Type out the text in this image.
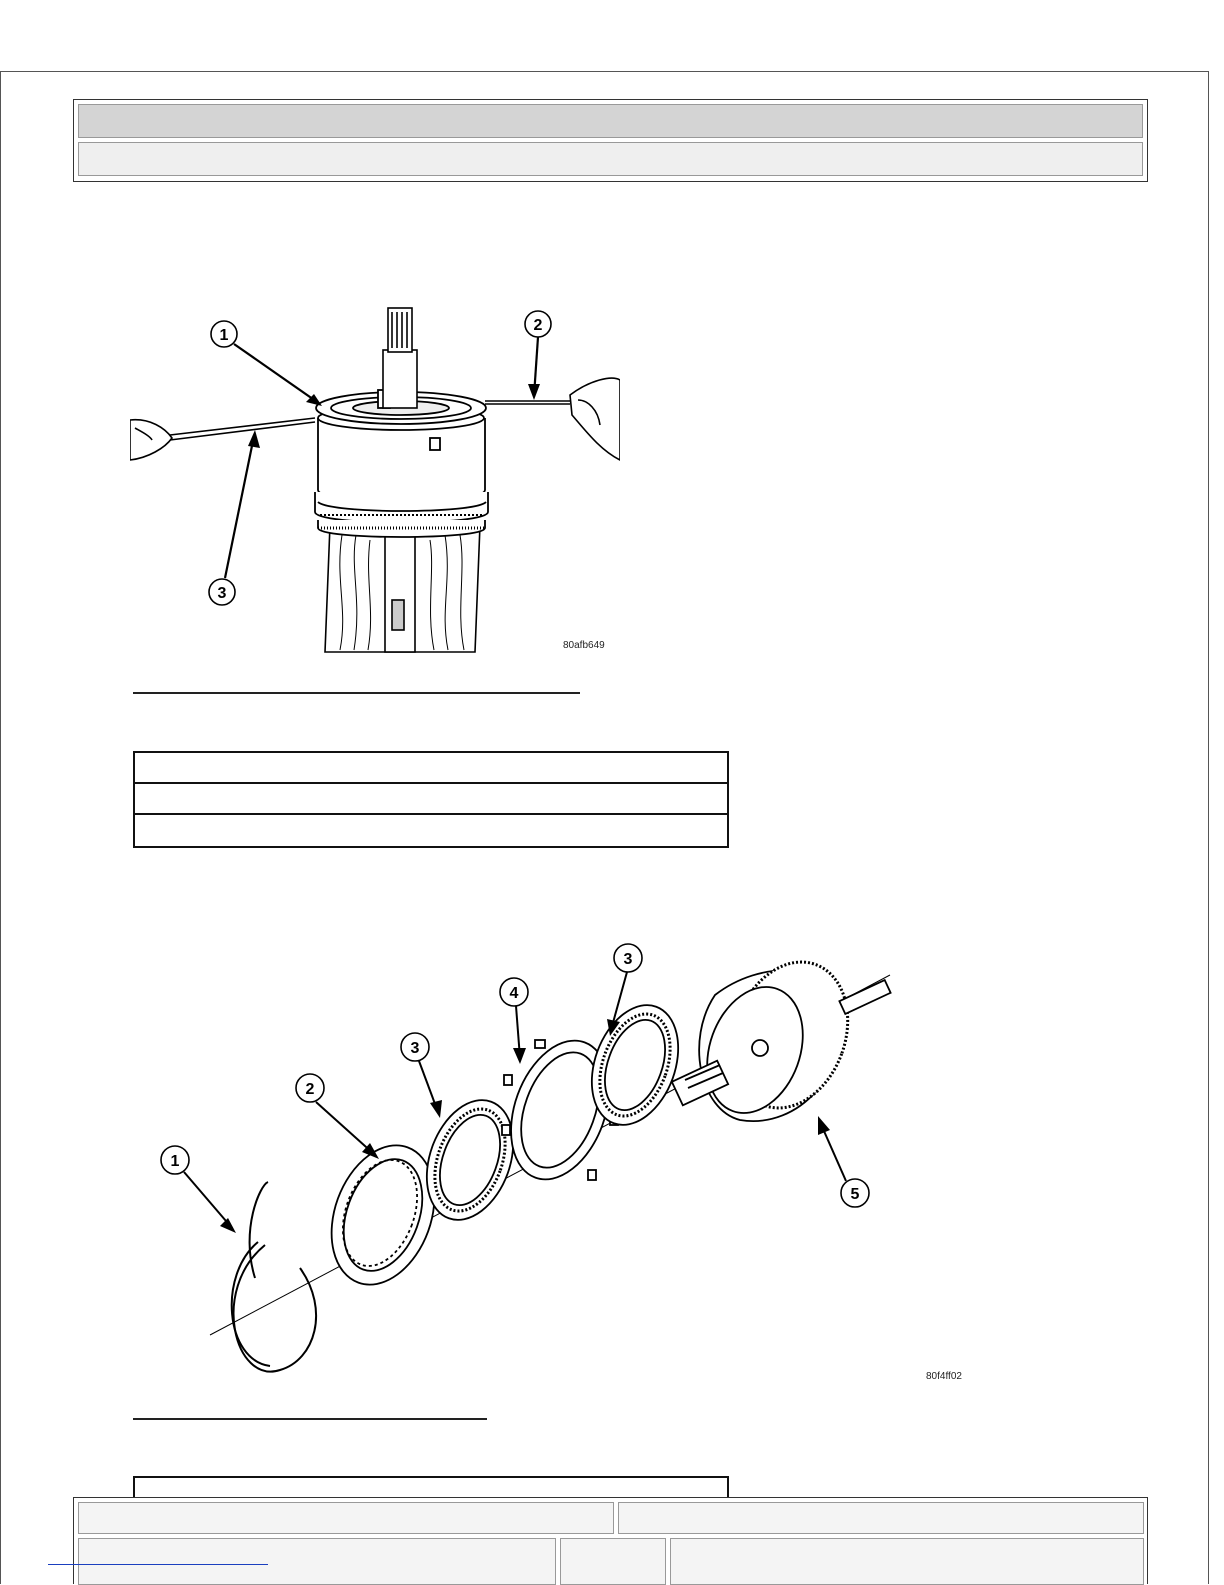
1
2
3
80afb649
1
2
3
4
3
5
80f4ff02
